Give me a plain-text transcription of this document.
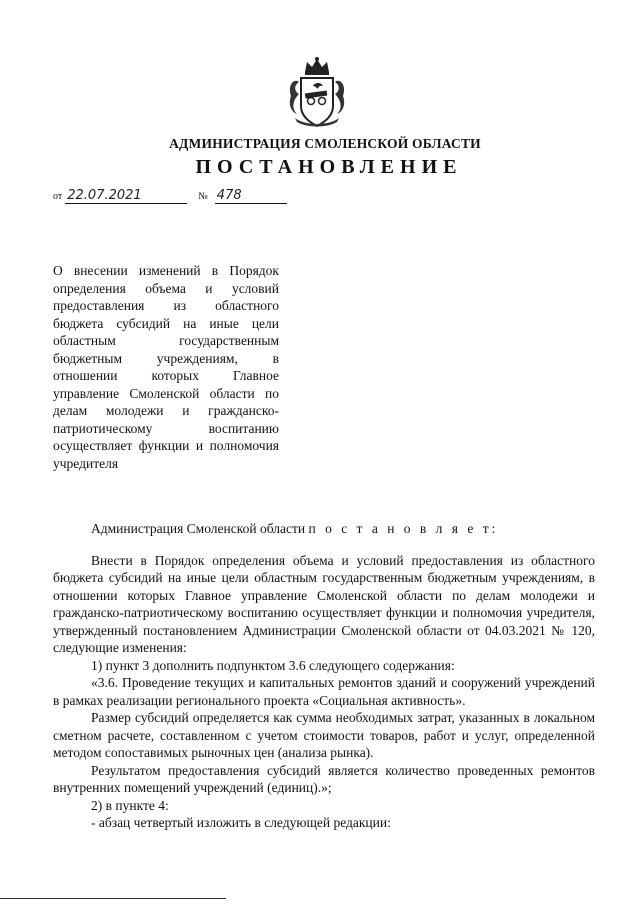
АДМИНИСТРАЦИЯ СМОЛЕНСКОЙ ОБЛАСТИ
ПОСТАНОВЛЕНИЕ
от 22.07.2021	№ 478
О внесении изменений в Порядок определения объема и условий предоставления из областного бюджета субсидий на иные цели областным государственным бюджетным учреждениям, в отношении которых Главное управление Смоленской области по делам молодежи и гражданско-патриотическому воспитанию осуществляет функции и полномочия учредителя

Администрация Смоленской области п о с т а н о в л я е т:

Внести в Порядок определения объема и условий предоставления из областного бюджета субсидий на иные цели областным государственным бюджетным учреждениям, в отношении которых Главное управление Смоленской области по делам молодежи и гражданско-патриотическому воспитанию осуществляет функции и полномочия учредителя, утвержденный постановлением Администрации Смоленской области от 04.03.2021 № 120, следующие изменения:

1) пункт 3 дополнить подпунктом 3.6 следующего содержания:

«3.6. Проведение текущих и капитальных ремонтов зданий и сооружений учреждений в рамках реализации регионального проекта «Социальная активность».

Размер субсидий определяется как сумма необходимых затрат, указанных в локальном сметном расчете, составленном с учетом стоимости товаров, работ и услуг, определенной методом сопоставимых рыночных цен (анализа рынка).

Результатом предоставления субсидий является количество проведенных ремонтов внутренних помещений учреждений (единиц).»;

2) в пункте 4:

- абзац четвертый изложить в следующей редакции:
